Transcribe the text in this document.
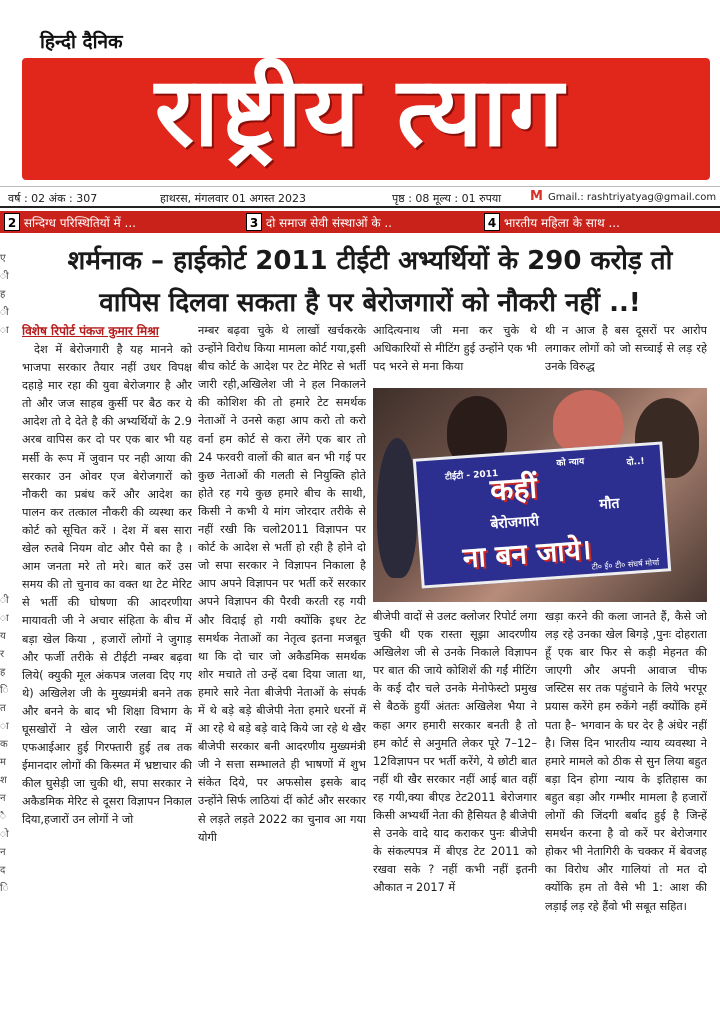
हिन्दी दैनिक
राष्ट्रीय त्याग
वर्ष : 02 अंक : 307	हाथरस, मंगलवार 01 अगस्त 2023	पृष्ठ : 08 मूल्य : 01 रुपया M Gmail.: rashtriyatyag@gmail.com
2 सन्दिग्ध परिस्थितियों में ...	3 दो समाज सेवी संस्थाओं के ..	4 भारतीय महिला के साथ ...
ए
ी
ह
ी
ा
ी
ा
य
र
ह
ि
त
ा
क
म
श
न
ै
ो
न
द
ि
शर्मनाक – हाईकोर्ट 2011 टीईटी अभ्यर्थियों के 290 करोड़ तो
वापिस दिलवा सकता है पर बेरोजगारों को नौकरी नहीं ..!
विशेष रिपोर्ट पंकज कुमार मिश्रा
देश में बेरोजगारी है यह मानने को भाजपा सरकार तैयार नहीं उधर विपक्ष दहाड़े मार रहा की युवा बेरोजगार है और तो और जज साहब कुर्सी पर बैठ कर ये आदेश तो दे देते है की अभ्यर्थियों के 2.9 अरब वापिस कर दो पर एक बार भी यह मर्सी के रूप में जुवान पर नही आया की सरकार उन ओवर एज बेरोजगारों को नौकरी का प्रबंध करें और आदेश का पालन कर तत्काल नौकरी की व्यस्था कर कोर्ट को सूचित करें । देश में बस सारा खेल रुतबे नियम वोट और पैसे का है । आम जनता मरे तो मरे। बात करें उस समय की तो चुनाव का वक्त था टेट मेरिट से भर्ती की घोषणा की आदरणीया मायावती जी ने अचार संहिता के बीच में बड़ा खेल किया , हजारों लोगों ने जुगाड़ और फर्जी तरीके से टीईटी नम्बर बढ़वा लिये( क्युकी मूल अंकपत्र जलवा दिए गए थे) अखिलेश जी के मुख्यमंत्री बनने तक और बनने के बाद भी शिक्षा विभाग के घूसखोरों ने खेल जारी रखा बाद में एफआईआर हुई गिरफ्तारी हुई तब तक ईमानदार लोगों की किस्मत में भ्रष्टाचार की कील घुसेड़ी जा चुकी थी, सपा सरकार ने अकैडमिक मेरिट से दूसरा विज्ञापन निकाल दिया,हजारों उन लोगों ने जो
नम्बर बढ़वा चुके थे लाखों खर्चकरके उन्होंने विरोध किया मामला कोर्ट गया,इसी बीच कोर्ट के आदेश पर टेट मेरिट से भर्ती जारी रही,अखिलेश जी ने हल निकालने की कोशिश की तो हमारे टेट समर्थक नेताओं ने उनसे कहा आप करो तो करो वर्ना हम कोर्ट से करा लेंगे एक बार तो 24 फरवरी वालों की बात बन भी गई पर कुछ नेताओं की गलती से नियुक्ति होते होते रह गये कुछ हमारे बीच के साथी, किसी ने कभी ये मांग जोरदार तरीके से नहीं रखी कि चलो2011 विज्ञापन पर कोर्ट के आदेश से भर्ती हो रही है होने दो जो सपा सरकार ने विज्ञापन निकाला है आप अपने विज्ञापन पर भर्ती करें सरकार अपने विज्ञापन की पैरवी करती रह गयी और विदाई हो गयी क्योंकि इधर टेट समर्थक नेताओं का नेतृत्व इतना मजबूत था कि दो चार जो अकैडमिक समर्थक शोर मचाते तो उन्हें दबा दिया जाता था, हमारे सारे नेता बीजेपी नेताओं के संपर्क में थे बड़े बड़े बीजेपी नेता हमारे धरनों में आ रहे थे बड़े बड़े वादे किये जा रहे थे खैर बीजेपी सरकार बनी आदरणीय मुख्यमंत्री जी ने सत्ता सम्भालते ही भाषणों में शुभ संकेत दिये, पर अफसोस इसके बाद उन्होंने सिर्फ लाठियां दीं कोर्ट और सरकार से लड़ते लड़ते 2022 का चुनाव आ गया योगी
आदित्यनाथ जी मना कर चुके थे अधिकारियों से मीटिंग हुई उन्होंने एक भी पद भरने से मना किया
थी न आज है बस दूसरों पर आरोप लगाकर लोगों को जो सच्चाई से लड़ रहे उनके विरुद्ध
टीईटी - 2011
को न्याय	दो..!
कहीं
बेरोजगारी
मौत
ना बन जाये। टी० ई० टी० संघर्ष मोर्चा
बीजेपी वादों से उलट क्लोजर रिपोर्ट लगा चुकी थी एक रास्ता सूझा आदरणीय अखिलेश जी से उनके निकाले विज्ञापन पर बात की जाये कोशिशें की गईं मीटिंग के कई दौर चले उनके मेनोफेस्टो प्रमुख से बैठकें हुयीं अंततः अखिलेश भैया ने कहा अगर हमारी सरकार बनती है तो हम कोर्ट से अनुमति लेकर पूरे 7–12–12विज्ञापन पर भर्ती करेंगे, ये छोटी बात नहीं थी खैर सरकार नहीं आई बात वहीं रह गयी,क्या बीएड टेट2011 बेरोजगार किसी अभ्यर्थी नेता की हैसियत है बीजेपी से उनके वादे याद कराकर पुनः बीजेपी के संकल्पपत्र में बीएड टेट 2011 को रखवा सके ? नहीं कभी नहीं इतनी औकात न 2017 में
खड़ा करने की कला जानते हैं, कैसे जो लड़ रहे उनका खेल बिगड़े ,पुनः दोहराता हूँ एक बार फिर से कड़ी मेहनत की जाएगी और अपनी आवाज चीफ जस्टिस सर तक पहुंचाने के लिये भरपूर प्रयास करेंगे हम रुकेंगे नहीं क्योंकि हमें पता है– भगवान के घर देर है अंधेर नहीं है। जिस दिन भारतीय न्याय व्यवस्था ने हमारे मामले को ठीक से सुन लिया बहुत बड़ा दिन होगा न्याय के इतिहास का बहुत बड़ा और गम्भीर मामला है हजारों लोगों की जिंदगी बर्बाद हुई है जिन्हें समर्थन करना है वो करें पर बेरोजगार होकर भी नेतागिरी के चक्कर में बेवजह का विरोध और गालियां तो मत दो क्योंकि हम तो वैसे भी 1: आश की लड़ाई लड़ रहे हैंवो भी सबूत सहित।
